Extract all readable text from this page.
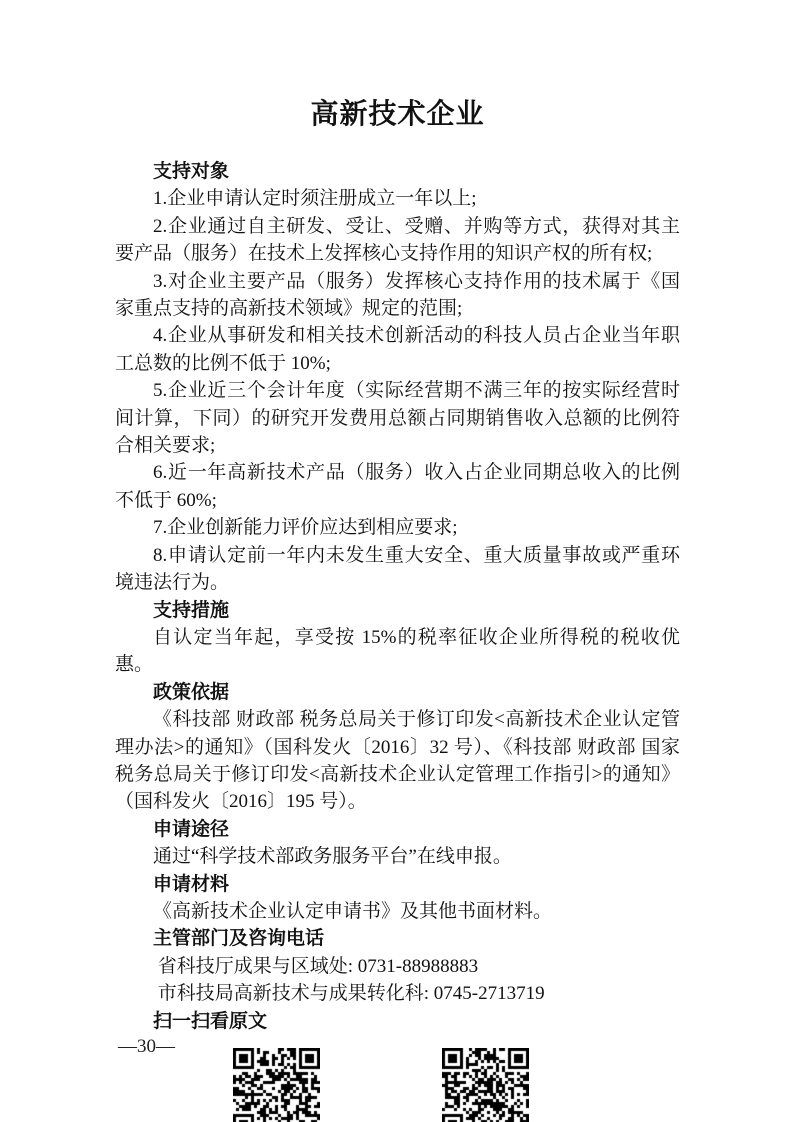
高新技术企业
支持对象

1.企业申请认定时须注册成立一年以上;

2.企业通过自主研发、受让、受赠、并购等方式，获得对其主要产品（服务）在技术上发挥核心支持作用的知识产权的所有权;

3.对企业主要产品（服务）发挥核心支持作用的技术属于《国家重点支持的高新技术领域》规定的范围;

4.企业从事研发和相关技术创新活动的科技人员占企业当年职工总数的比例不低于 10%;

5.企业近三个会计年度（实际经营期不满三年的按实际经营时间计算，下同）的研究开发费用总额占同期销售收入总额的比例符合相关要求;

6.近一年高新技术产品（服务）收入占企业同期总收入的比例不低于 60%;

7.企业创新能力评价应达到相应要求;

8.申请认定前一年内未发生重大安全、重大质量事故或严重环境违法行为。

支持措施

自认定当年起，享受按 15%的税率征收企业所得税的税收优惠。

政策依据

《科技部 财政部 税务总局关于修订印发<高新技术企业认定管理办法>的通知》（国科发火〔2016〕32 号）、《科技部 财政部 国家税务总局关于修订印发<高新技术企业认定管理工作指引>的通知》（国科发火〔2016〕195 号）。

申请途径

通过“科学技术部政务服务平台”在线申报。

申请材料

《高新技术企业认定申请书》及其他书面材料。

主管部门及咨询电话

省科技厅成果与区域处: 0731-88988883

市科技局高新技术与成果转化科: 0745-2713719

扫一扫看原文
—30—
